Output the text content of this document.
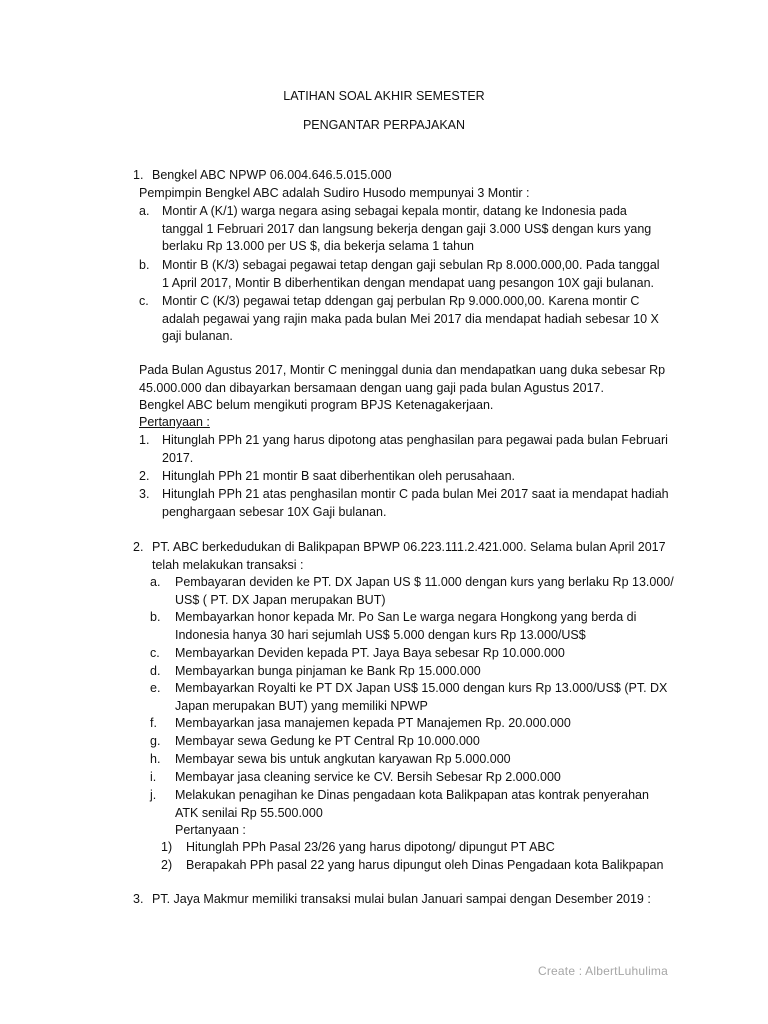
LATIHAN SOAL AKHIR SEMESTER
PENGANTAR PERPAJAKAN
1. Bengkel ABC NPWP 06.004.646.5.015.000
Pempimpin Bengkel ABC adalah Sudiro Husodo mempunyai 3 Montir :
a.	Montir A (K/1) warga negara asing sebagai kepala montir, datang ke Indonesia pada
tanggal 1 Februari 2017 dan langsung bekerja dengan gaji 3.000 US$ dengan kurs yang
berlaku Rp 13.000 per US $, dia bekerja selama 1 tahun
b.	Montir B (K/3) sebagai pegawai tetap dengan gaji sebulan Rp 8.000.000,00. Pada tanggal
1 April 2017, Montir B diberhentikan dengan mendapat uang pesangon 10X gaji bulanan.
c.	Montir C (K/3) pegawai tetap ddengan gaj perbulan Rp 9.000.000,00. Karena montir C
adalah pegawai yang rajin maka pada bulan Mei 2017 dia mendapat hadiah sebesar 10 X
gaji bulanan.
Pada Bulan Agustus 2017, Montir C meninggal dunia dan mendapatkan uang duka sebesar Rp
45.000.000 dan dibayarkan bersamaan dengan uang gaji pada bulan Agustus 2017.
Bengkel ABC belum mengikuti program BPJS Ketenagakerjaan.
Pertanyaan :
1.	Hitunglah PPh 21 yang harus dipotong atas penghasilan para pegawai pada bulan Februari
2017.
2.	Hitunglah PPh 21 montir B saat diberhentikan oleh perusahaan.
3.	Hitunglah PPh 21 atas penghasilan montir C pada bulan Mei 2017 saat ia mendapat hadiah
penghargaan sebesar 10X Gaji bulanan.
2. PT. ABC berkedudukan di Balikpapan BPWP 06.223.111.2.421.000. Selama bulan April 2017
telah melakukan transaksi :
a.	Pembayaran deviden ke PT. DX Japan US $ 11.000 dengan kurs yang berlaku Rp 13.000/
US$ ( PT. DX Japan merupakan BUT)
b.	Membayarkan honor kepada Mr. Po San Le warga negara Hongkong yang berda di
Indonesia hanya 30 hari sejumlah US$ 5.000 dengan kurs Rp 13.000/US$
c.	Membayarkan Deviden kepada PT. Jaya Baya sebesar Rp 10.000.000
d.	Membayarkan bunga pinjaman ke Bank Rp 15.000.000
e.	Membayarkan Royalti ke PT DX Japan US$ 15.000 dengan kurs Rp 13.000/US$ (PT. DX
Japan merupakan BUT) yang memiliki NPWP
f.	Membayarkan jasa manajemen kepada PT Manajemen Rp. 20.000.000
g.	Membayar sewa Gedung ke PT Central Rp 10.000.000
h.	Membayar sewa bis untuk angkutan karyawan Rp 5.000.000
i.	Membayar jasa cleaning service ke CV. Bersih Sebesar Rp 2.000.000
j.	Melakukan penagihan ke Dinas pengadaan kota Balikpapan atas kontrak penyerahan
ATK senilai Rp 55.500.000
Pertanyaan :
1)	Hitunglah PPh Pasal 23/26 yang harus dipotong/ dipungut PT ABC
2)	Berapakah PPh pasal 22 yang harus dipungut oleh Dinas Pengadaan kota Balikpapan
3. PT. Jaya Makmur memiliki transaksi mulai bulan Januari sampai dengan Desember 2019 :
Create : AlbertLuhulima
